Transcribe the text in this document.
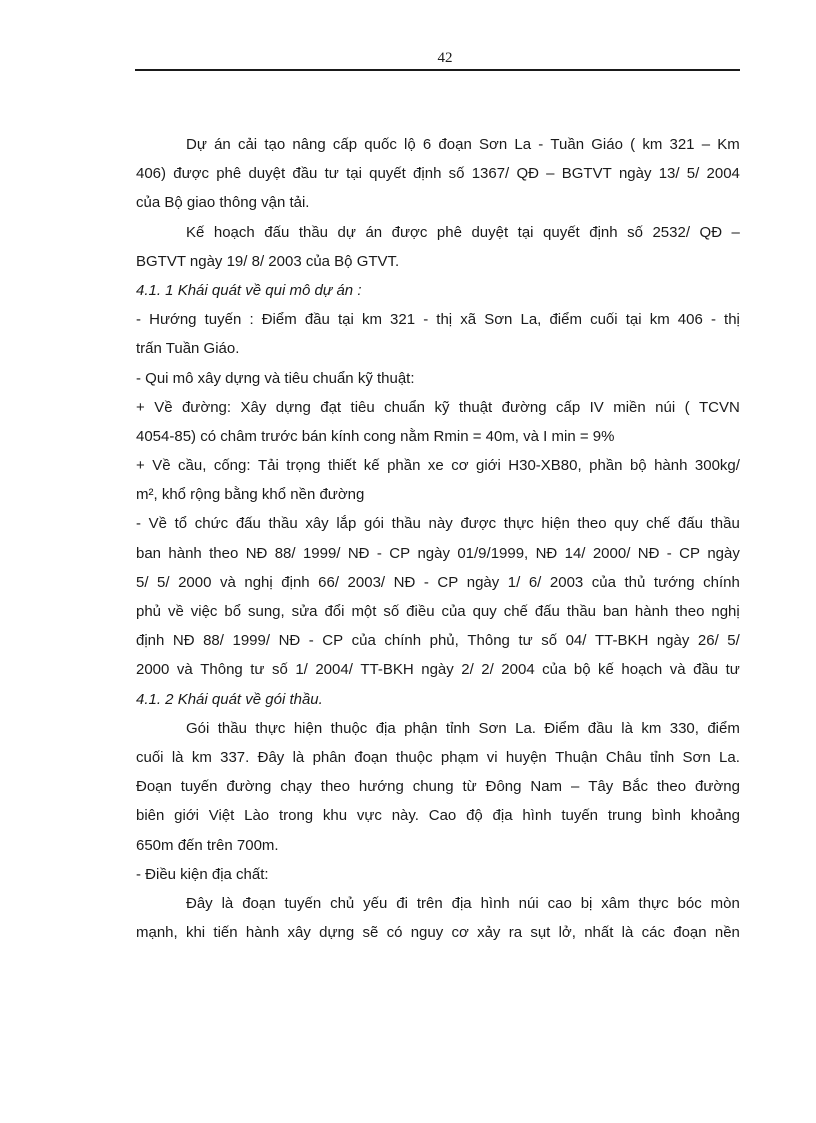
42
Dự án cải tạo nâng cấp quốc lộ 6 đoạn Sơn La - Tuần Giáo ( km 321 – Km
406) được phê duyệt đầu tư tại quyết định số 1367/ QĐ – BGTVT ngày 13/ 5/ 2004
của Bộ giao thông vận tải.
Kế hoạch đấu thầu dự án được phê duyệt tại quyết định số 2532/ QĐ –
BGTVT ngày 19/ 8/ 2003 của Bộ GTVT.
4.1. 1 Khái quát về qui mô dự án :
- Hướng tuyến : Điểm đầu tại km 321 - thị xã Sơn La, điểm cuối tại km 406 - thị
trấn Tuần Giáo.
- Qui mô xây dựng và tiêu chuẩn kỹ thuật:
+ Về đường: Xây dựng đạt tiêu chuẩn kỹ thuật đường cấp IV miền núi ( TCVN
4054-85) có châm trước bán kính cong nằm Rmin = 40m, và I min = 9%
+ Về cầu, cống: Tải trọng thiết kế phần xe cơ giới H30-XB80, phần bộ hành 300kg/
m², khổ rộng bằng khổ nền đường
- Về tổ chức đấu thầu xây lắp gói thầu này được thực hiện theo quy chế đấu thầu
ban hành theo NĐ 88/ 1999/ NĐ - CP ngày 01/9/1999, NĐ 14/ 2000/ NĐ - CP ngày
5/ 5/ 2000 và nghị định 66/ 2003/ NĐ - CP ngày 1/ 6/ 2003 của thủ tướng chính
phủ về việc bổ sung, sửa đổi một số điều của quy chế đấu thầu ban hành theo nghị
định NĐ 88/ 1999/ NĐ - CP của chính phủ, Thông tư số 04/ TT-BKH ngày 26/ 5/
2000 và Thông tư số 1/ 2004/ TT-BKH ngày 2/ 2/ 2004 của bộ kế hoạch và đầu tư
4.1. 2 Khái quát về gói thầu.
Gói thầu thực hiện thuộc địa phận tỉnh Sơn La. Điểm đầu là km 330, điểm
cuối là km 337. Đây là phân đoạn thuộc phạm vi huyện Thuận Châu tỉnh Sơn La.
Đoạn tuyến đường chạy theo hướng chung từ Đông Nam – Tây Bắc theo đường
biên giới Việt Lào trong khu vực này. Cao độ địa hình tuyến trung bình khoảng
650m đến trên 700m.
- Điều kiện địa chất:
Đây là đoạn tuyến chủ yếu đi trên địa hình núi cao bị xâm thực bóc mòn
mạnh, khi tiến hành xây dựng sẽ có nguy cơ xảy ra sụt lở, nhất là các đoạn nền
